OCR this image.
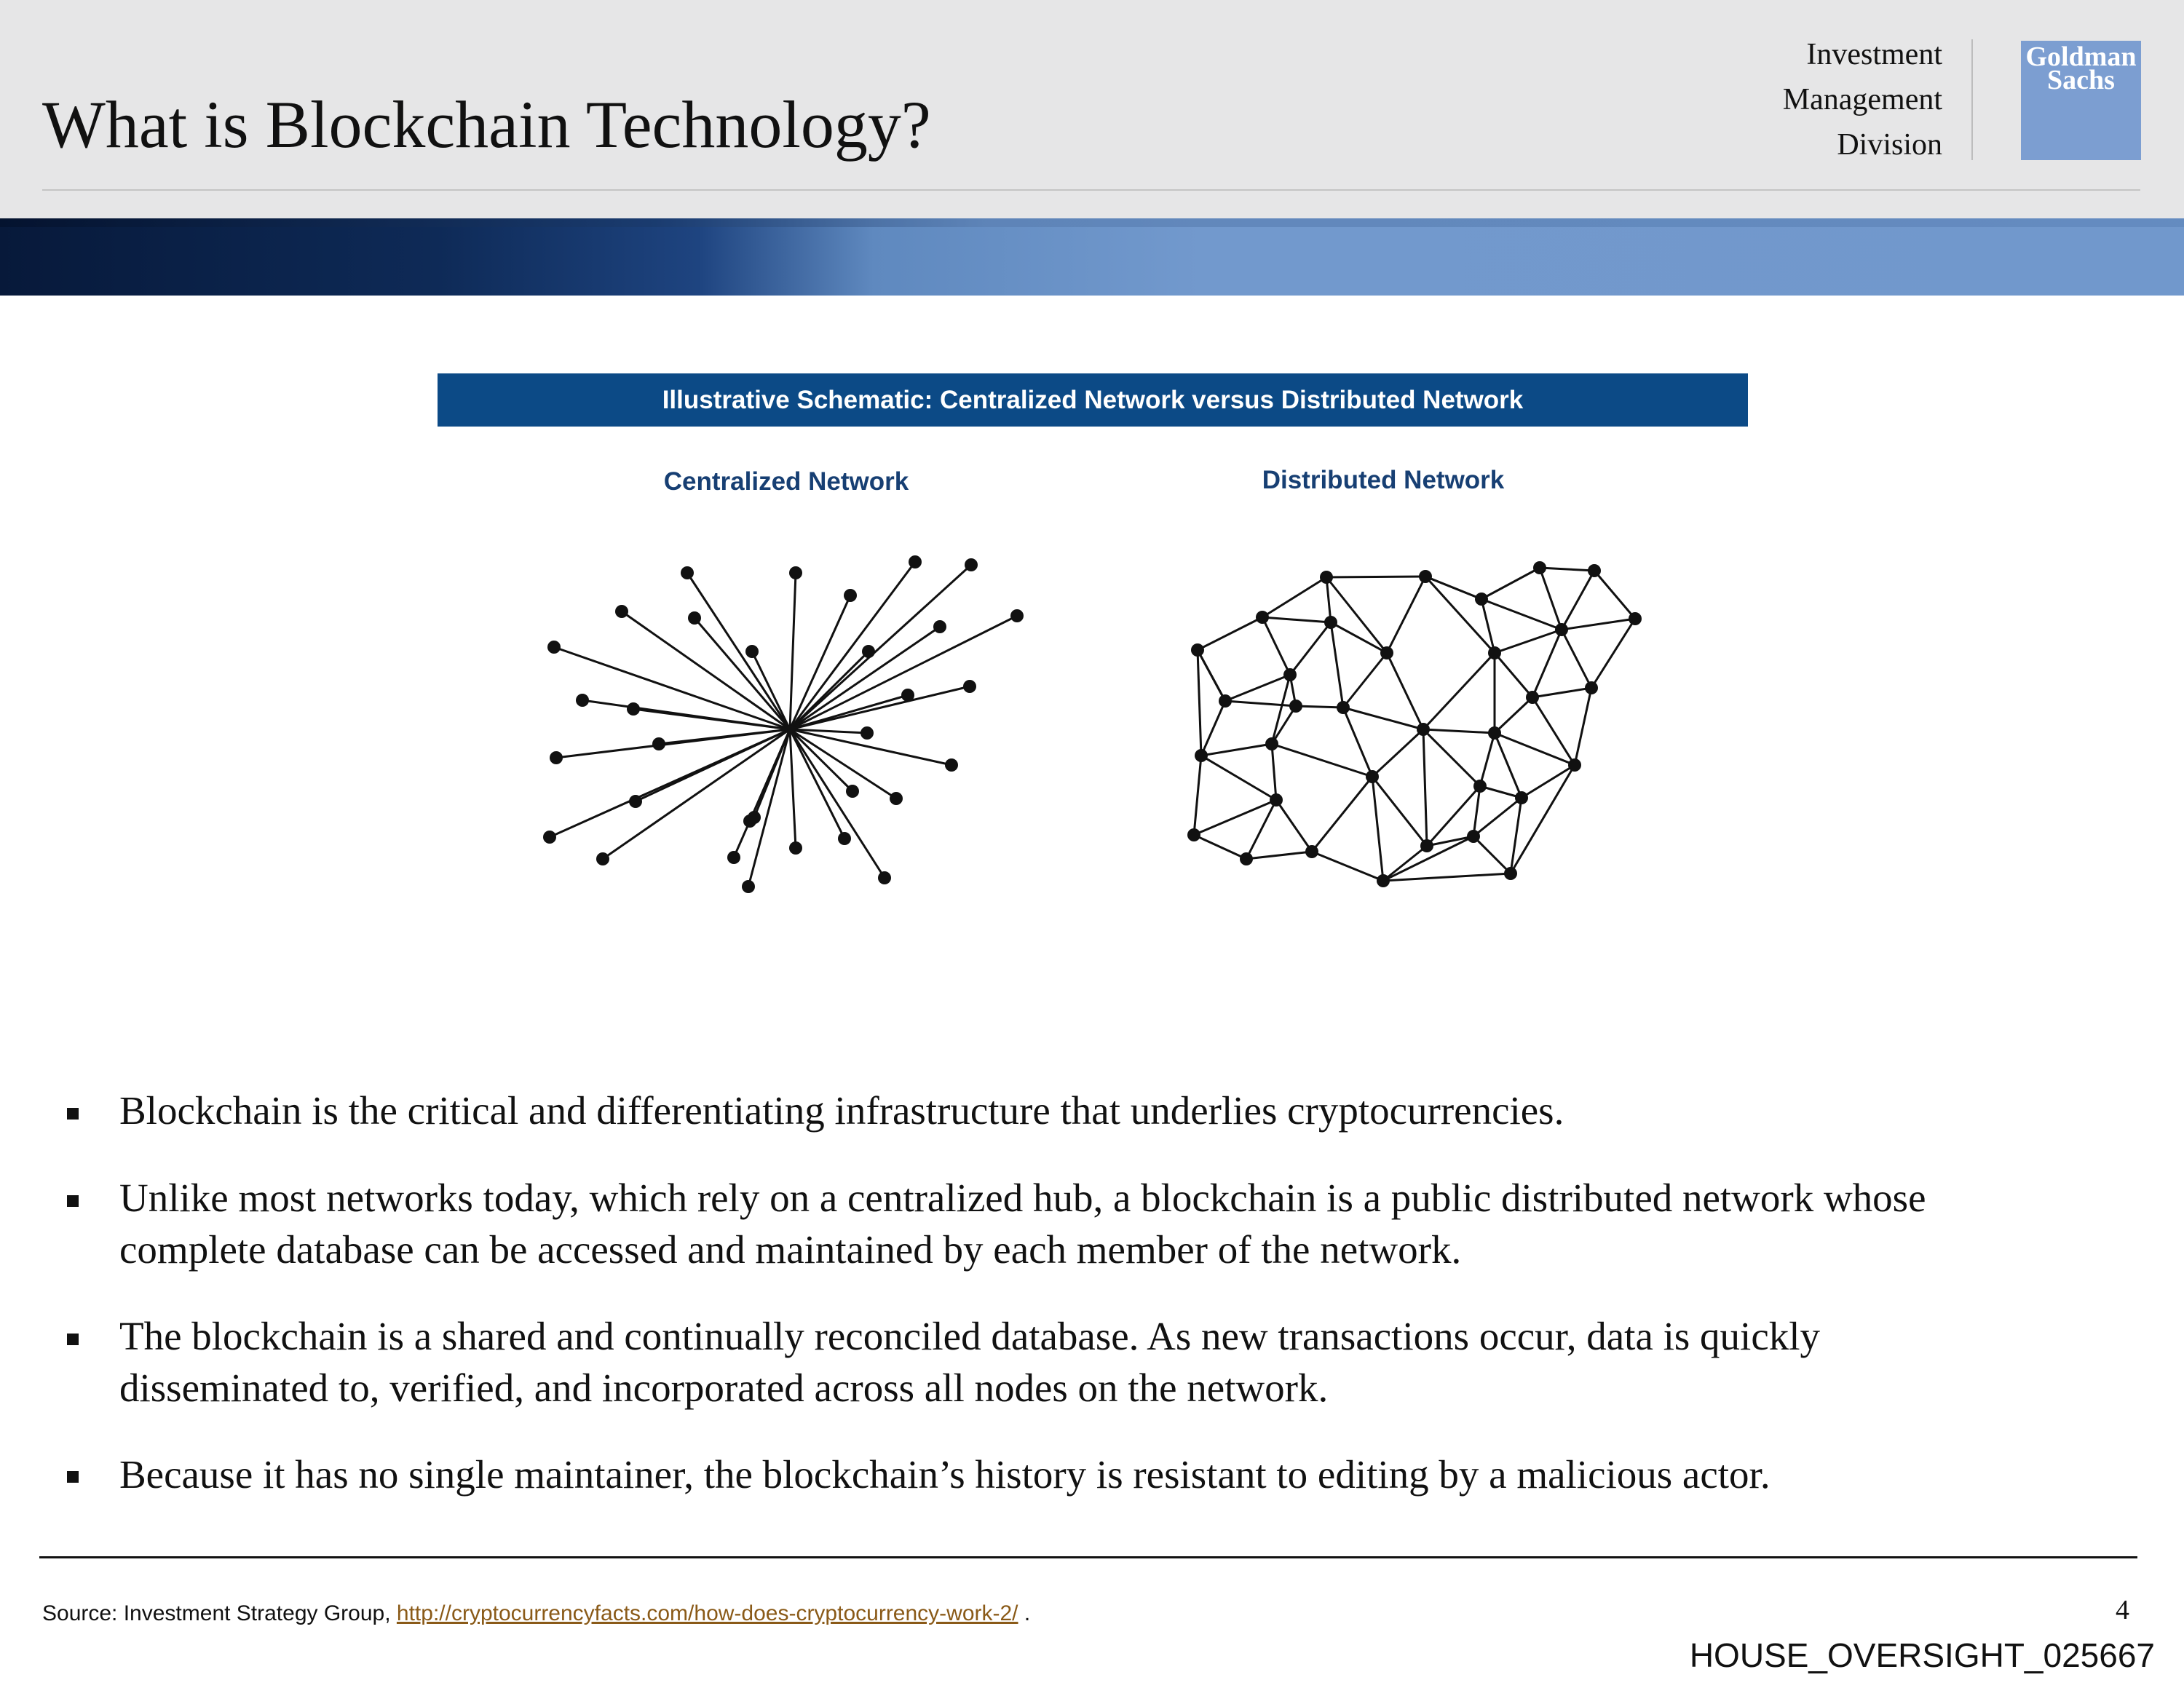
What is Blockchain Technology?
Investment
Management
Division
Goldman
Sachs
Illustrative Schematic: Centralized Network versus Distributed Network
Centralized Network	Distributed Network
Blockchain is the critical and differentiating infrastructure that underlies cryptocurrencies.
Unlike most networks today, which rely on a centralized hub, a blockchain is a public distributed network whose
complete database can be accessed and maintained by each member of the network.
The blockchain is a shared and continually reconciled database. As new transactions occur, data is quickly
disseminated to, verified, and incorporated across all nodes on the network.
Because it has no single maintainer, the blockchain’s history is resistant to editing by a malicious actor.
Source: Investment Strategy Group, http://cryptocurrencyfacts.com/how-does-cryptocurrency-work-2/ .	4
HOUSE_OVERSIGHT_025667
